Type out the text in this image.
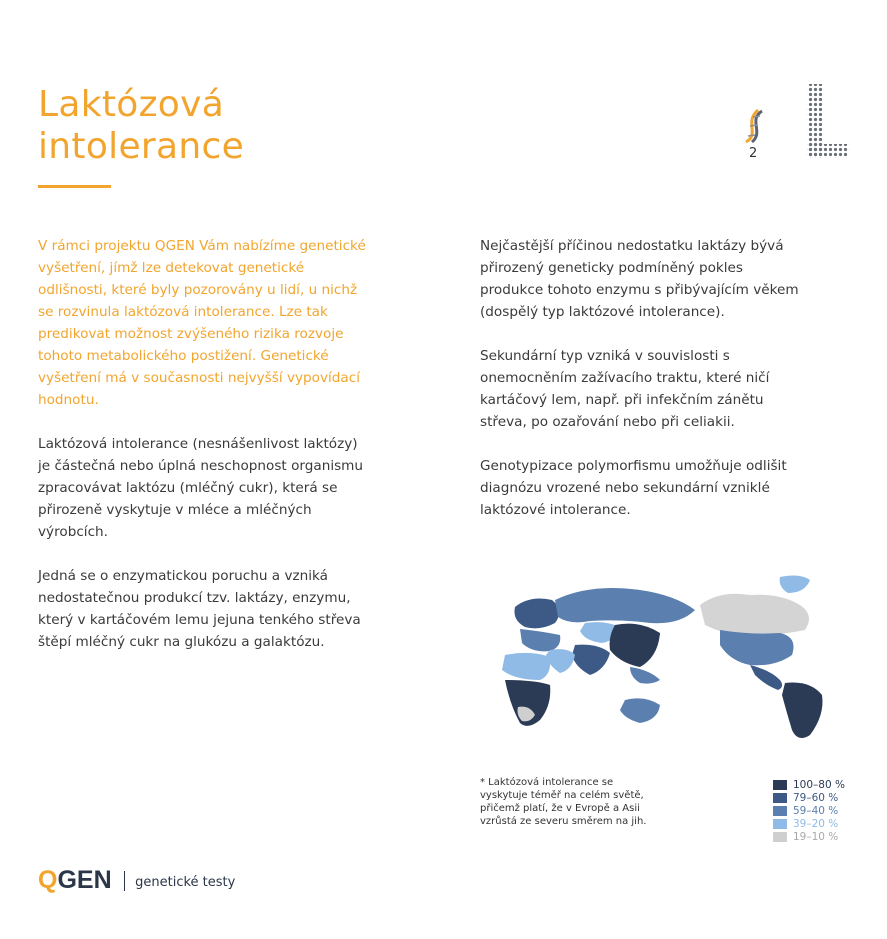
Laktózová
intolerance	2

V rámci projektu QGEN Vám nabízíme genetické vyšetření, jímž lze detekovat genetické odlišnosti, které byly pozorovány u lidí, u nichž se rozvinula laktózová intolerance. Lze tak predikovat možnost zvýšeného rizika rozvoje tohoto metabolického postižení. Genetické vyšetření má v současnosti nejvyšší vypovídací hodnotu.

Laktózová intolerance (nesnášenlivost laktózy) je částečná nebo úplná neschopnost organismu zpracovávat laktózu (mléčný cukr), která se přirozeně vyskytuje v mléce a mléčných výrobcích.

Jedná se o enzymatickou poruchu a vzniká nedostatečnou produkcí tzv. laktázy, enzymu, který v kartáčovém lemu jejuna tenkého střeva štěpí mléčný cukr na glukózu a galaktózu.

Nejčastější příčinou nedostatku laktázy bývá přirozený geneticky podmíněný pokles produkce tohoto enzymu s přibývajícím věkem (dospělý typ laktózové intolerance).

Sekundární typ vzniká v souvislosti s onemocněním zažívacího traktu, které ničí kartáčový lem, např. při infekčním zánětu střeva, po ozařování nebo při celiakii.

Genotypizace polymorfismu umožňuje odlišit diagnózu vrozené nebo sekundární vzniklé laktózové intolerance.

* Laktózová intolerance se vyskytuje téměř na celém světě, přičemž platí, že v Evropě a Asii vzrůstá ze severu směrem na jih.
100–80 %
79–60 %
59–40 %
39–20 %
19–10 %
Q GEN genetické testy
